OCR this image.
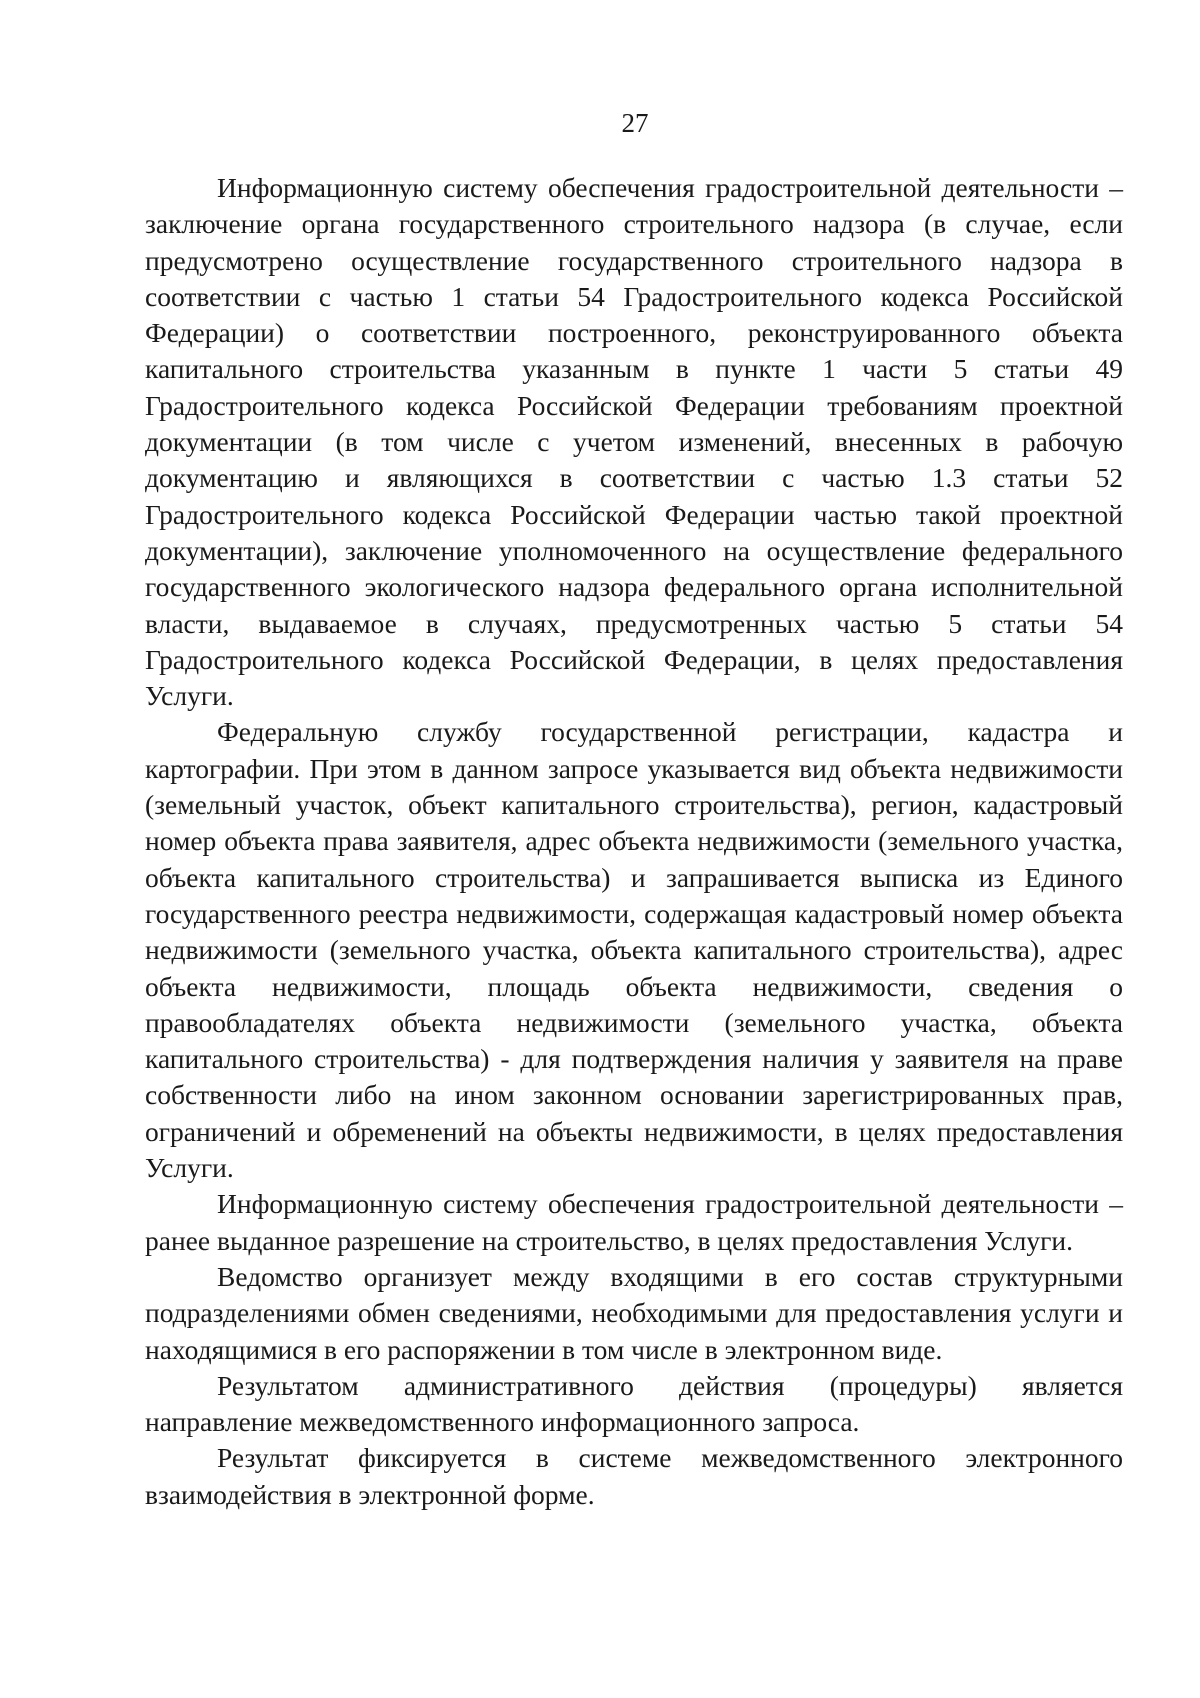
27

Информационную систему обеспечения градостроительной деятельности – заключение органа государственного строительного надзора (в случае, если предусмотрено осуществление государственного строительного надзора в соответствии с частью 1 статьи 54 Градостроительного кодекса Российской Федерации) о соответствии построенного, реконструированного объекта капитального строительства указанным в пункте 1 части 5 статьи 49 Градостроительного кодекса Российской Федерации требованиям проектной документации (в том числе с учетом изменений, внесенных в рабочую документацию и являющихся в соответствии с частью 1.3 статьи 52 Градостроительного кодекса Российской Федерации частью такой проектной документации), заключение уполномоченного на осуществление федерального государственного экологического надзора федерального органа исполнительной власти, выдаваемое в случаях, предусмотренных частью 5 статьи 54 Градостроительного кодекса Российской Федерации, в целях предоставления Услуги.

Федеральную службу государственной регистрации, кадастра и картографии. При этом в данном запросе указывается вид объекта недвижимости (земельный участок, объект капитального строительства), регион, кадастровый номер объекта права заявителя, адрес объекта недвижимости (земельного участка, объекта капитального строительства) и запрашивается выписка из Единого государственного реестра недвижимости, содержащая кадастровый номер объекта недвижимости (земельного участка, объекта капитального строительства), адрес объекта недвижимости, площадь объекта недвижимости, сведения о правообладателях объекта недвижимости (земельного участка, объекта капитального строительства) - для подтверждения наличия у заявителя на праве собственности либо на ином законном основании зарегистрированных прав, ограничений и обременений на объекты недвижимости, в целях предоставления Услуги.

Информационную систему обеспечения градостроительной деятельности – ранее выданное разрешение на строительство, в целях предоставления Услуги.

Ведомство организует между входящими в его состав структурными подразделениями обмен сведениями, необходимыми для предоставления услуги и находящимися в его распоряжении в том числе в электронном виде.

Результатом административного действия (процедуры) является направление межведомственного информационного запроса.

Результат фиксируется в системе межведомственного электронного взаимодействия в электронной форме.
